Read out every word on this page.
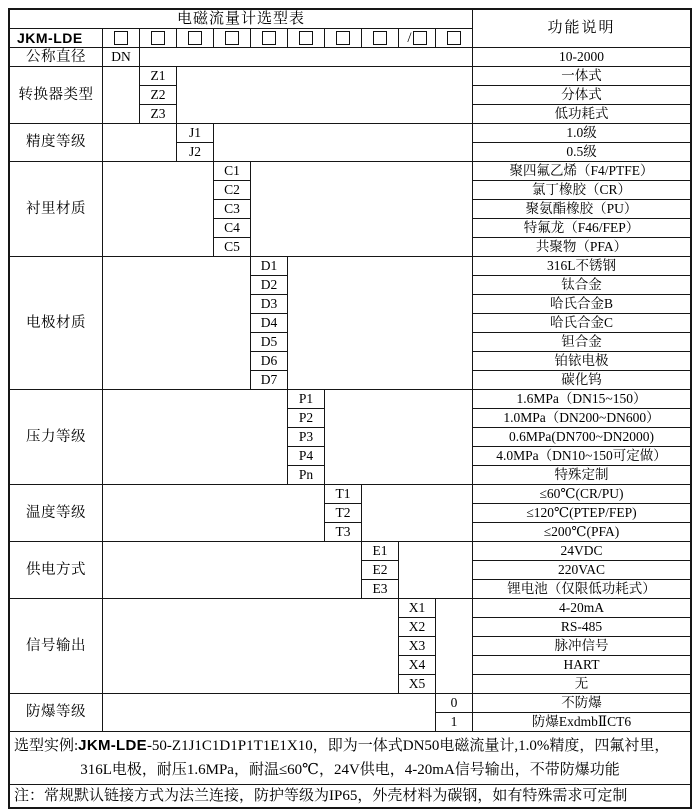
电磁流量计选型表
功能说明
JKM-LDE
选型实例:JKM-LDE-50-Z1J1C1D1P1T1E1X10，即为一体式DN50电磁流量计,1.0%精度，四氟衬里，
316L电极，耐压1.6MPa，耐温≤60℃，24V供电，4-20mA信号输出，不带防爆功能
注：常规默认链接方式为法兰连接，防护等级为IP65，外壳材料为碳钢，如有特殊需求可定制
/
公称直径	DN	10-2000
转换器类型
Z1	一体式
Z2	分体式
Z3	低功耗式
精度等级
J1	1.0级
J2	0.5级
衬里材质
C1	聚四氟乙烯（F4/PTFE）
C2	氯丁橡胶（CR）
C3	聚氨酯橡胶（PU）
C4	特氟龙（F46/FEP）
C5	共聚物（PFA）
电极材质
D1	316L不锈钢
D2	钛合金
D3	哈氏合金B
D4	哈氏合金C
D5	钽合金
D6	铂铱电极
D7	碳化钨
压力等级
P1	1.6MPa（DN15~150）
P2	1.0MPa（DN200~DN600）
P3	0.6MPa(DN700~DN2000)
P4	4.0MPa（DN10~150可定做）
Pn	特殊定制
温度等级
T1	≤60℃(CR/PU)
T2	≤120℃(PTEP/FEP)
T3	≤200℃(PFA)
供电方式
E1	24VDC
E2	220VAC
E3	锂电池（仅限低功耗式）
信号输出
X1	4-20mA
X2	RS-485
X3	脉冲信号
X4	HART
X5	无
防爆等级
0	不防爆
1	防爆ExdmbⅡCT6
